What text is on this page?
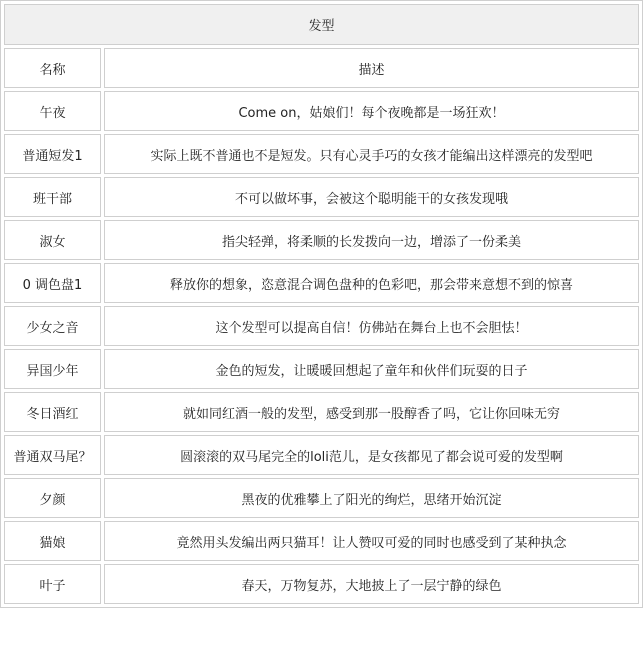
发型	
名称	描述
午夜	Come on，姑娘们！每个夜晚都是一场狂欢！
普通短发1	实际上既不普通也不是短发。只有心灵手巧的女孩才能编出这样漂亮的发型吧
班干部	不可以做坏事，会被这个聪明能干的女孩发现哦
淑女	指尖轻弹，将柔顺的长发拨向一边，增添了一份柔美
0 调色盘1	释放你的想象，恣意混合调色盘种的色彩吧，那会带来意想不到的惊喜
少女之音	这个发型可以提高自信！仿佛站在舞台上也不会胆怯！
异国少年	金色的短发，让暖暖回想起了童年和伙伴们玩耍的日子
冬日酒红	就如同红酒一般的发型，感受到那一股醇香了吗，它让你回味无穷
普通双马尾？	圆滚滚的双马尾完全的loli范儿，是女孩都见了都会说可爱的发型啊
夕颜	黑夜的优雅攀上了阳光的绚烂，思绪开始沉淀
猫娘	竟然用头发编出两只猫耳！让人赞叹可爱的同时也感受到了某种执念
叶子	春天，万物复苏，大地披上了一层宁静的绿色
